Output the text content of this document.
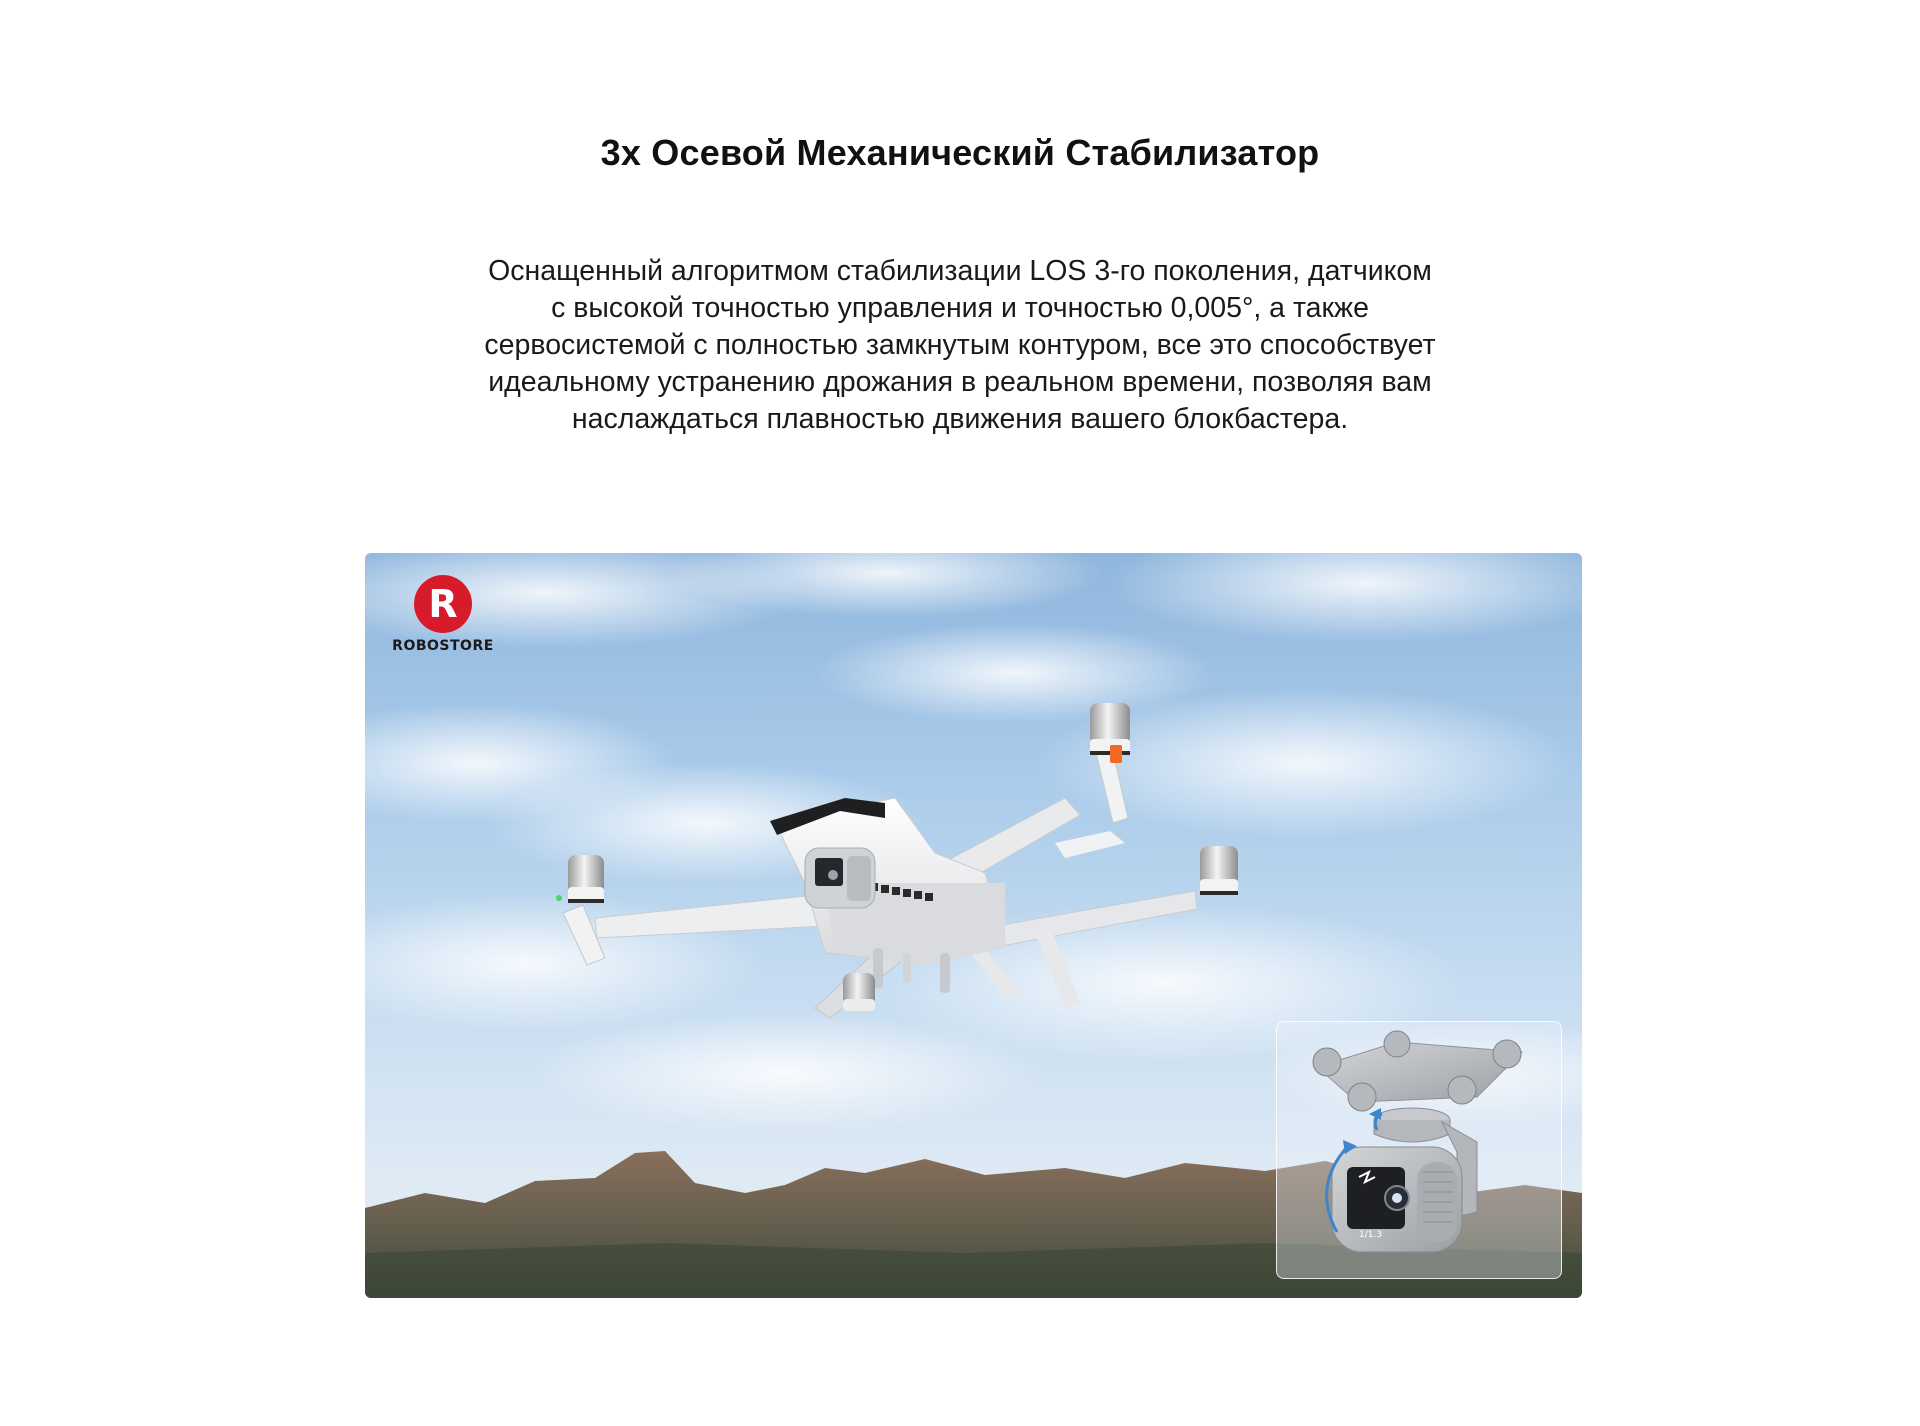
3x Осевой Механический Стабилизатор
Оснащенный алгоритмом стабилизации LOS 3-го поколения, датчиком
с высокой точностью управления и точностью 0,005°, а также
сервосистемой с полностью замкнутым контуром, все это способствует
идеальному устранению дрожания в реальном времени, позволяя вам
наслаждаться плавностью движения вашего блокбастера.
R
ROBOSTORE
1/1.3
